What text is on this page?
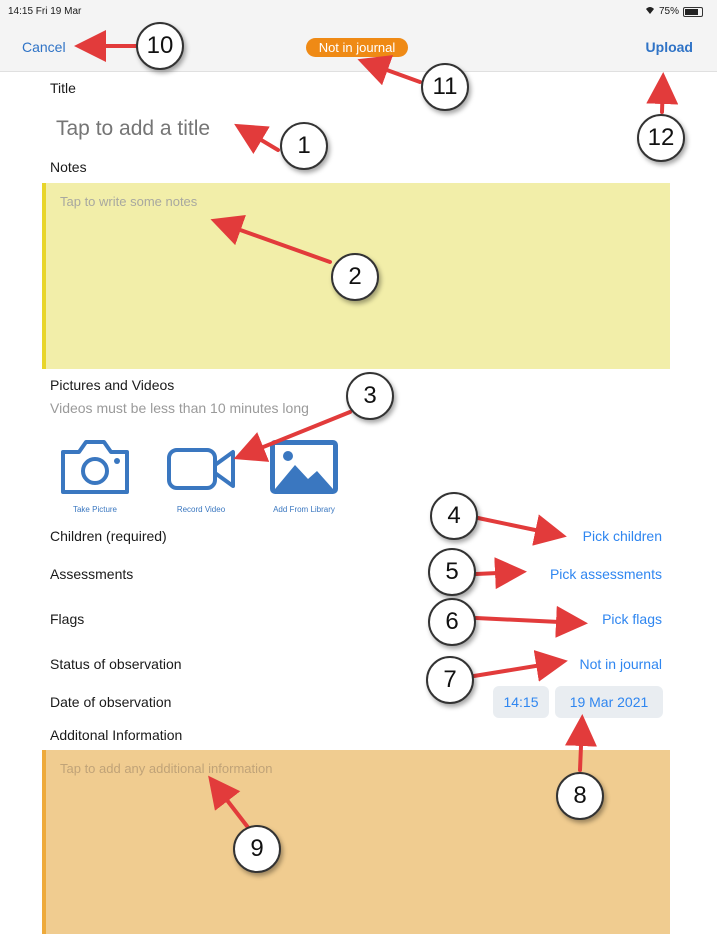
14:15 Fri 19 Mar	75%
Cancel	Not in journal	Upload
Title
Tap to add a title
Notes
Tap to write some notes
Pictures and Videos
Videos must be less than 10 minutes long
Take Picture	Record Video	Add From Library
Children (required)	Pick children
Assessments	Pick assessments
Flags	Pick flags
Status of observation	Not in journal
Date of observation	14:15	19 Mar 2021
Additonal Information
Tap to add any additional information
1
2
3
4
5
6
7
8
9
10
11
12
